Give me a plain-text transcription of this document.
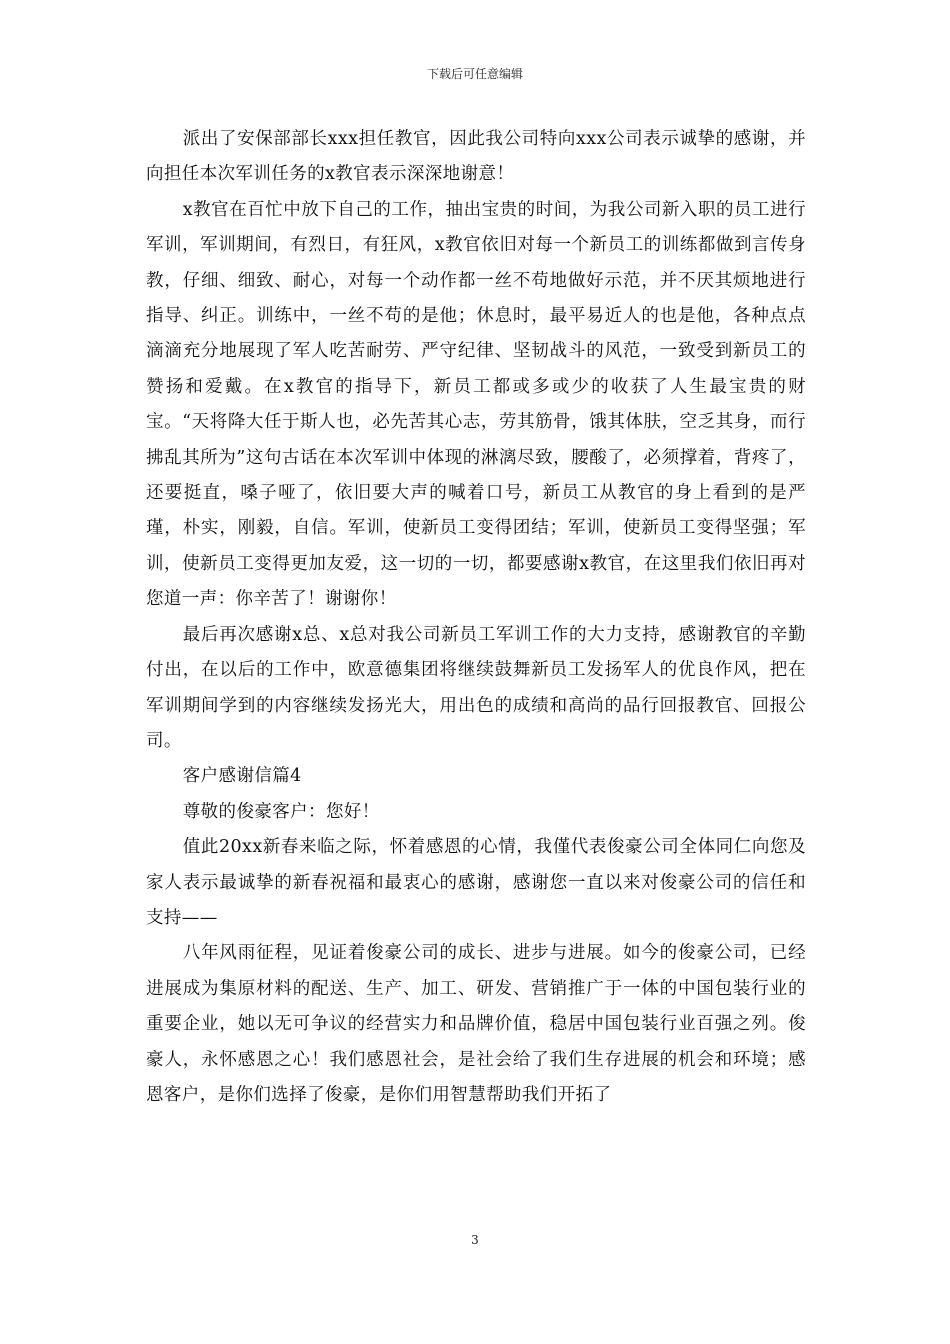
下载后可任意编辑

派出了安保部部长xxx担任教官，因此我公司特向xxx公司表示诚挚的感谢，并向担任本次军训任务的x教官表示深深地谢意！

x教官在百忙中放下自己的工作，抽出宝贵的时间，为我公司新入职的员工进行军训，军训期间，有烈日，有狂风，x教官依旧对每一个新员工的训练都做到言传身教，仔细、细致、耐心，对每一个动作都一丝不苟地做好示范，并不厌其烦地进行指导、纠正。训练中，一丝不苟的是他；休息时，最平易近人的也是他，各种点点滴滴充分地展现了军人吃苦耐劳、严守纪律、坚韧战斗的风范，一致受到新员工的赞扬和爱戴。在x教官的指导下，新员工都或多或少的收获了人生最宝贵的财宝。“天将降大任于斯人也，必先苦其心志，劳其筋骨，饿其体肤，空乏其身，而行拂乱其所为”这句古话在本次军训中体现的淋漓尽致，腰酸了，必须撑着，背疼了，还要挺直，嗓子哑了，依旧要大声的喊着口号，新员工从教官的身上看到的是严瑾，朴实，刚毅，自信。军训，使新员工变得团结；军训，使新员工变得坚强；军训，使新员工变得更加友爱，这一切的一切，都要感谢x教官，在这里我们依旧再对您道一声：你辛苦了！谢谢你！

最后再次感谢x总、x总对我公司新员工军训工作的大力支持，感谢教官的辛勤付出，在以后的工作中，欧意德集团将继续鼓舞新员工发扬军人的优良作风，把在军训期间学到的内容继续发扬光大，用出色的成绩和高尚的品行回报教官、回报公司。

客户感谢信篇4

尊敬的俊豪客户：您好！

值此20xx新春来临之际，怀着感恩的心情，我僅代表俊豪公司全体同仁向您及家人表示最诚挚的新春祝福和最衷心的感谢，感谢您一直以来对俊豪公司的信任和支持——

八年风雨征程，见证着俊豪公司的成长、进步与进展。如今的俊豪公司，已经进展成为集原材料的配送、生产、加工、研发、营销推广于一体的中国包装行业的重要企业，她以无可争议的经营实力和品牌价值，稳居中国包装行业百强之列。俊豪人，永怀感恩之心！我们感恩社会，是社会给了我们生存进展的机会和环境；感恩客户，是你们选择了俊豪，是你们用智慧帮助我们开拓了

3
